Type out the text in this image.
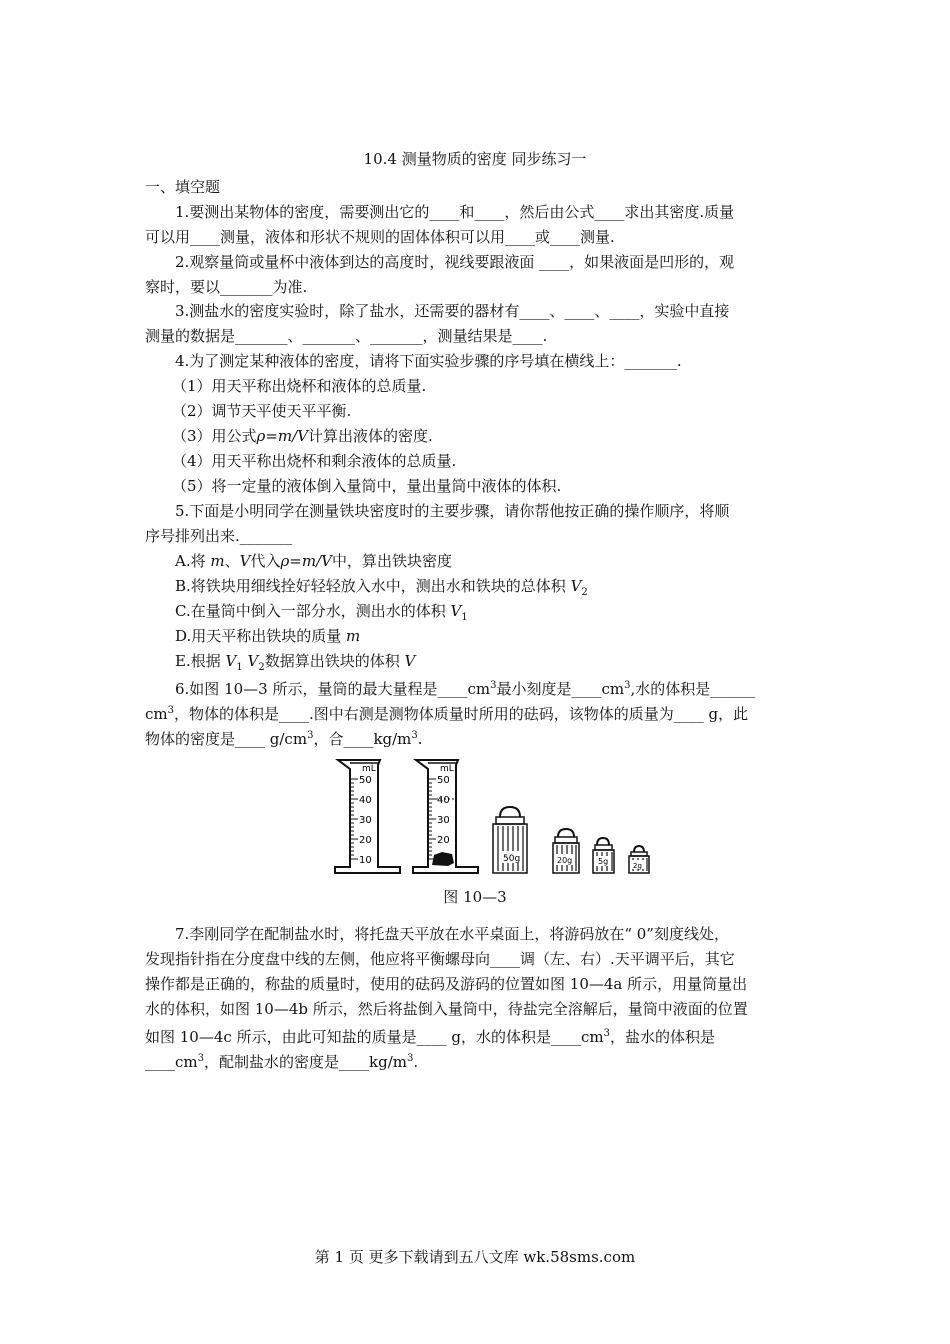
10.4 测量物质的密度 同步练习一
一、填空题
1.要测出某物体的密度，需要测出它的____和____，然后由公式____求出其密度.质量
可以用____测量，液体和形状不规则的固体体积可以用____或____测量.
2.观察量筒或量杯中液体到达的高度时，视线要跟液面 ____，如果液面是凹形的，观
察时，要以_______为准.
3.测盐水的密度实验时，除了盐水，还需要的器材有____、____、____，实验中直接
测量的数据是_______、_______、_______，测量结果是____.
4.为了测定某种液体的密度，请将下面实验步骤的序号填在横线上：_______.
（1）用天平称出烧杯和液体的总质量.
（2）调节天平使天平平衡.
（3）用公式ρ=m/V计算出液体的密度.
（4）用天平称出烧杯和剩余液体的总质量.
（5）将一定量的液体倒入量筒中，量出量筒中液体的体积.
5.下面是小明同学在测量铁块密度时的主要步骤，请你帮他按正确的操作顺序，将顺
序号排列出来._______
A.将 m、V代入ρ=m/V中，算出铁块密度
B.将铁块用细线拴好轻轻放入水中，测出水和铁块的总体积 $V_2$
C.在量筒中倒入一部分水，测出水的体积 $V_1$
D.用天平称出铁块的质量 m
E.根据 $V_1$ $V_2$数据算出铁块的体积 V
6.如图 10—3 所示，量筒的最大量程是$\_\_\_\_cm^3$最小刻度是$\_\_\_\_cm^3$,水的体积是______
$cm^3$，物体的体积是____.图中右测是测物体质量时所用的砝码，该物体的质量为____ g，此
物体的密度是____ $g/cm^3$，合$\_\_\_\_kg/m^3$.
mL
50
40
30
20
10
mL
50
40
30
20
50g	20g	5g	2g
图 10—3
7.李刚同学在配制盐水时，将托盘天平放在水平桌面上，将游码放在“ 0”刻度线处，
发现指针指在分度盘中线的左侧，他应将平衡螺母向____调（左、右）.天平调平后，其它
操作都是正确的，称盐的质量时，使用的砝码及游码的位置如图 10—4a 所示，用量筒量出
水的体积，如图 10—4b 所示，然后将盐倒入量筒中，待盐完全溶解后，量筒中液面的位置
如图 10—4c 所示，由此可知盐的质量是____ g，水的体积是$\_\_\_\_cm^3$，盐水的体积是
$\_\_\_\_cm^3$，配制盐水的密度是$\_\_\_\_kg/m^3$.
第 1 页 更多下载请到五八文库 wk.58sms.com
